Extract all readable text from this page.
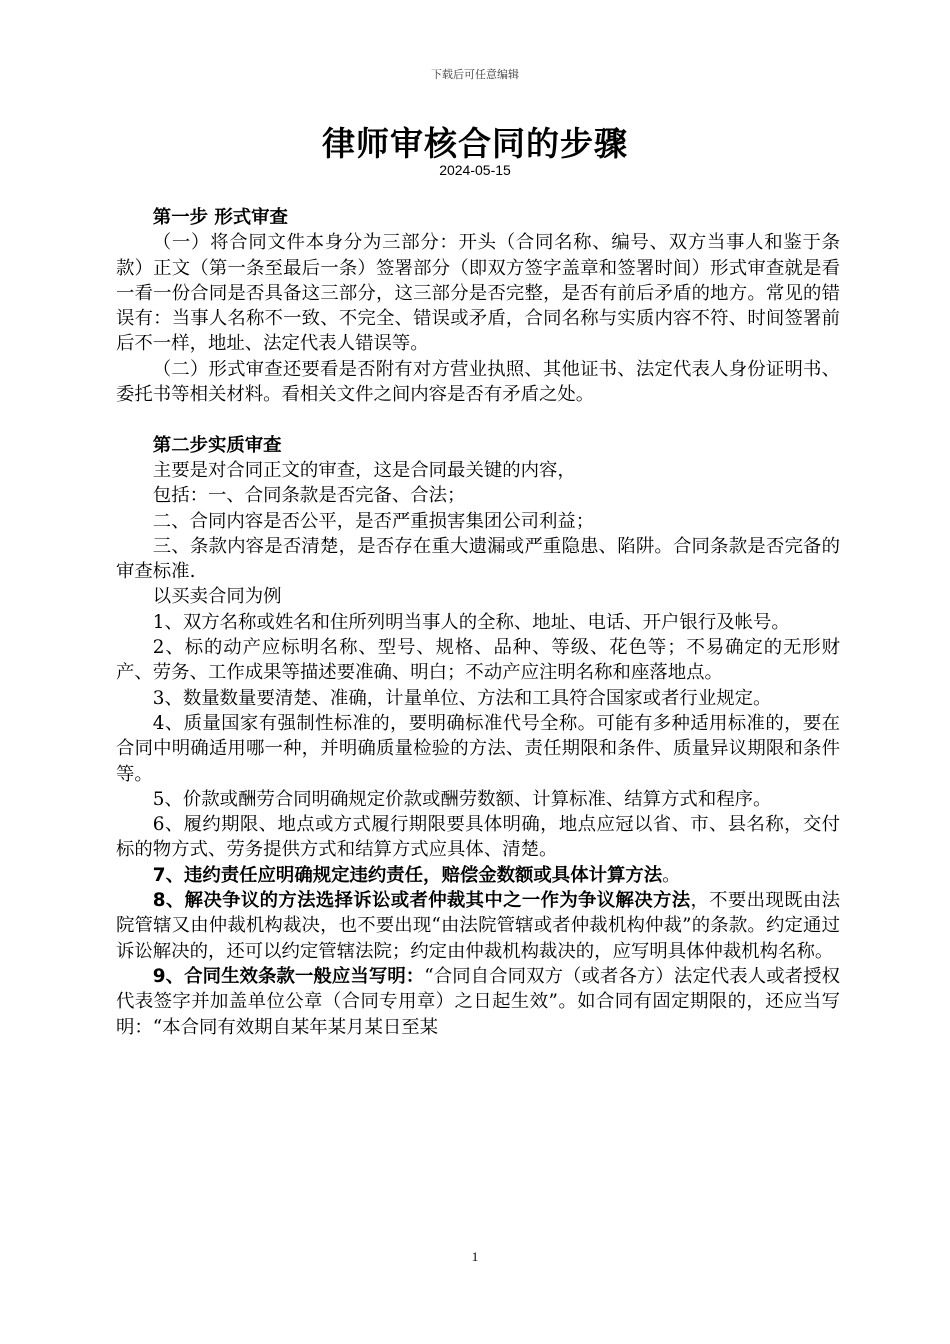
下载后可任意编辑
律师审核合同的步骤
2024-05-15

第一步 形式审查

（一）将合同文件本身分为三部分：开头（合同名称、编号、双方当事人和鉴于条款）正文（第一条至最后一条）签署部分（即双方签字盖章和签署时间）形式审查就是看一看一份合同是否具备这三部分，这三部分是否完整，是否有前后矛盾的地方。常见的错误有：当事人名称不一致、不完全、错误或矛盾，合同名称与实质内容不符、时间签署前后不一样，地址、法定代表人错误等。

（二）形式审查还要看是否附有对方营业执照、其他证书、法定代表人身份证明书、委托书等相关材料。看相关文件之间内容是否有矛盾之处。

第二步实质审查

主要是对合同正文的审查，这是合同最关键的内容，

包括：一、合同条款是否完备、合法；

二、合同内容是否公平，是否严重损害集团公司利益；

三、条款内容是否清楚，是否存在重大遗漏或严重隐患、陷阱。合同条款是否完备的审查标准.

以买卖合同为例

1、双方名称或姓名和住所列明当事人的全称、地址、电话、开户银行及帐号。

2、标的动产应标明名称、型号、规格、品种、等级、花色等；不易确定的无形财产、劳务、工作成果等描述要准确、明白；不动产应注明名称和座落地点。

3、数量数量要清楚、准确，计量单位、方法和工具符合国家或者行业规定。

4、质量国家有强制性标准的，要明确标准代号全称。可能有多种适用标准的，要在合同中明确适用哪一种，并明确质量检验的方法、责任期限和条件、质量异议期限和条件等。

5、价款或酬劳合同明确规定价款或酬劳数额、计算标准、结算方式和程序。

6、履约期限、地点或方式履行期限要具体明确，地点应冠以省、市、县名称，交付标的物方式、劳务提供方式和结算方式应具体、清楚。

7、违约责任应明确规定违约责任，赔偿金数额或具体计算方法。

8、解决争议的方法选择诉讼或者仲裁其中之一作为争议解决方法，不要出现既由法院管辖又由仲裁机构裁决，也不要出现“由法院管辖或者仲裁机构仲裁”的条款。约定通过诉讼解决的，还可以约定管辖法院；约定由仲裁机构裁决的，应写明具体仲裁机构名称。

9、合同生效条款一般应当写明：“合同自合同双方（或者各方）法定代表人或者授权代表签字并加盖单位公章（合同专用章）之日起生效”。如合同有固定期限的，还应当写明：“本合同有效期自某年某月某日至某

1
